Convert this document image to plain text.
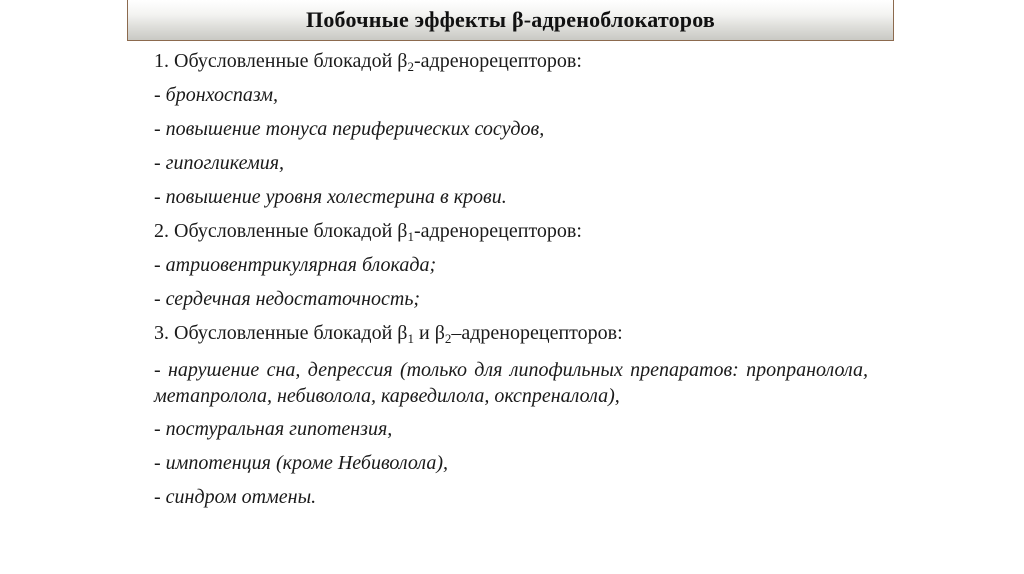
Побочные эффекты β-адреноблокаторов
1. Обусловленные блокадой $\beta_2$-адренорецепторов:
- бронхоспазм,
- повышение тонуса периферических сосудов,
- гипогликемия,
- повышение уровня холестерина в крови.
2. Обусловленные блокадой $\beta_1$-адренорецепторов:
- атриовентрикулярная блокада;
- сердечная недостаточность;
3. Обусловленные блокадой $\beta_1$ и $\beta_2$–адренорецепторов:
- нарушение сна, депрессия (только для липофильных препаратов: пропранолола, метапролола, небиволола, карведилола, окспреналола),
- постуральная гипотензия,
- импотенция (кроме Небиволола),
- синдром отмены.
